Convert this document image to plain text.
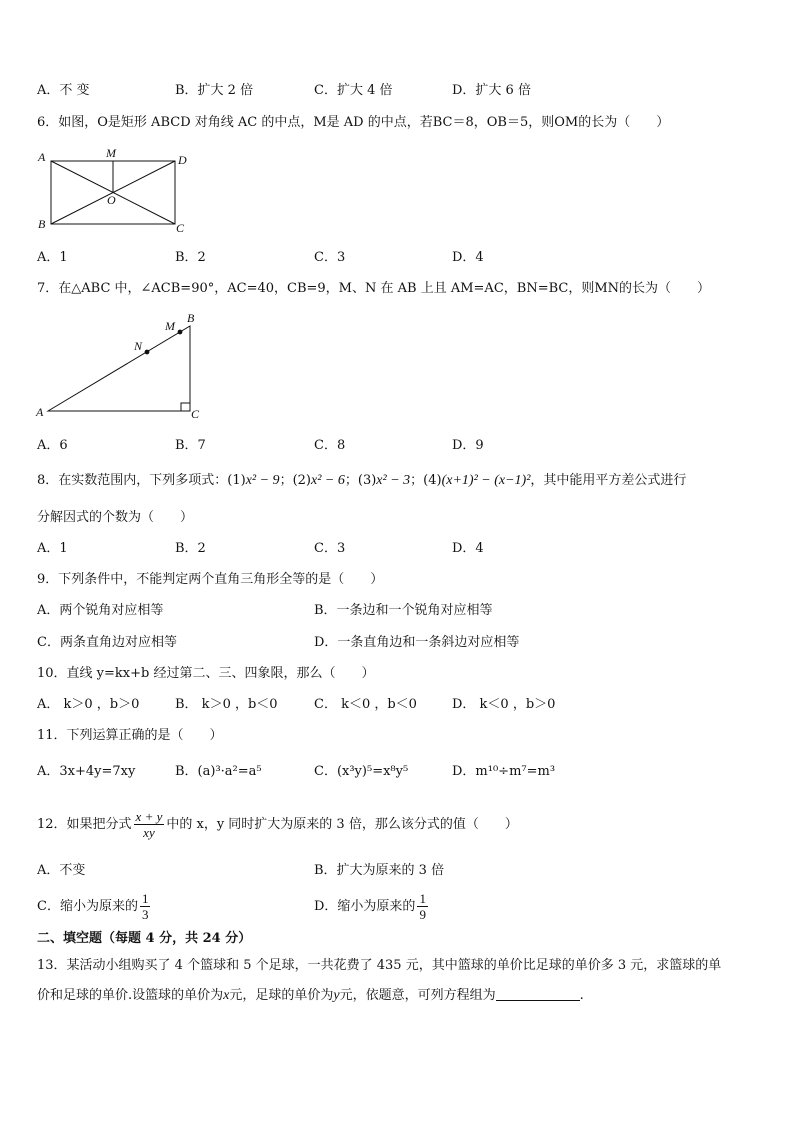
A．不 变	B．扩大 2 倍	C．扩大 4 倍	D．扩大 6 倍
6．如图，O是矩形 ABCD 对角线 AC 的中点，M是 AD 的中点，若BC＝8，OB＝5，则OM的长为（　　）
A	M	D
O
B	C
A．1	B．2	C．3	D．4
7．在△ABC 中，∠ACB=90°，AC=40，CB=9，M、N 在 AB 上且 AM=AC，BN=BC，则MN的长为（　　）
A
B
C
M
N
A．6	B．7	C．8	D．9
8．在实数范围内，下列多项式：(1)x² − 9；(2)x² − 6；(3)x² − 3；(4)(x+1)² − (x−1)²，其中能用平方差公式进行
分解因式的个数为（　　）
A．1	B．2	C．3	D．4
9．下列条件中，不能判定两个直角三角形全等的是（　　）
A．两个锐角对应相等	B．一条边和一个锐角对应相等
C．两条直角边对应相等	D．一条直角边和一条斜边对应相等
10．直线 y=kx+b 经过第二、三、四象限，那么（　　）
A． k＞0 ，b＞0	B． k＞0 ，b＜0	C． k＜0 ，b＜0	D． k＜0 ，b＞0
11．下列运算正确的是（　　）
A．3x+4y=7xy	B．(a)³·a²=a⁵	C．(x³y)⁵=x⁸y⁵	D．m¹⁰÷m⁷=m³
12．如果把分式 $\frac{x + y}{xy}$ 中的 x，y 同时扩大为原来的 3 倍，那么该分式的值（　　）
A．不变	B．扩大为原来的 3 倍
C．缩小为原来的 $\frac{1}{3}$	D．缩小为原来的 $\frac{1}{9}$
二、填空题（每题 4 分，共 24 分）
13．某活动小组购买了 4 个篮球和 5 个足球，一共花费了 435 元，其中篮球的单价比足球的单价多 3 元，求篮球的单
价和足球的单价.设篮球的单价为x元，足球的单价为y元，依题意，可列方程组为	.
